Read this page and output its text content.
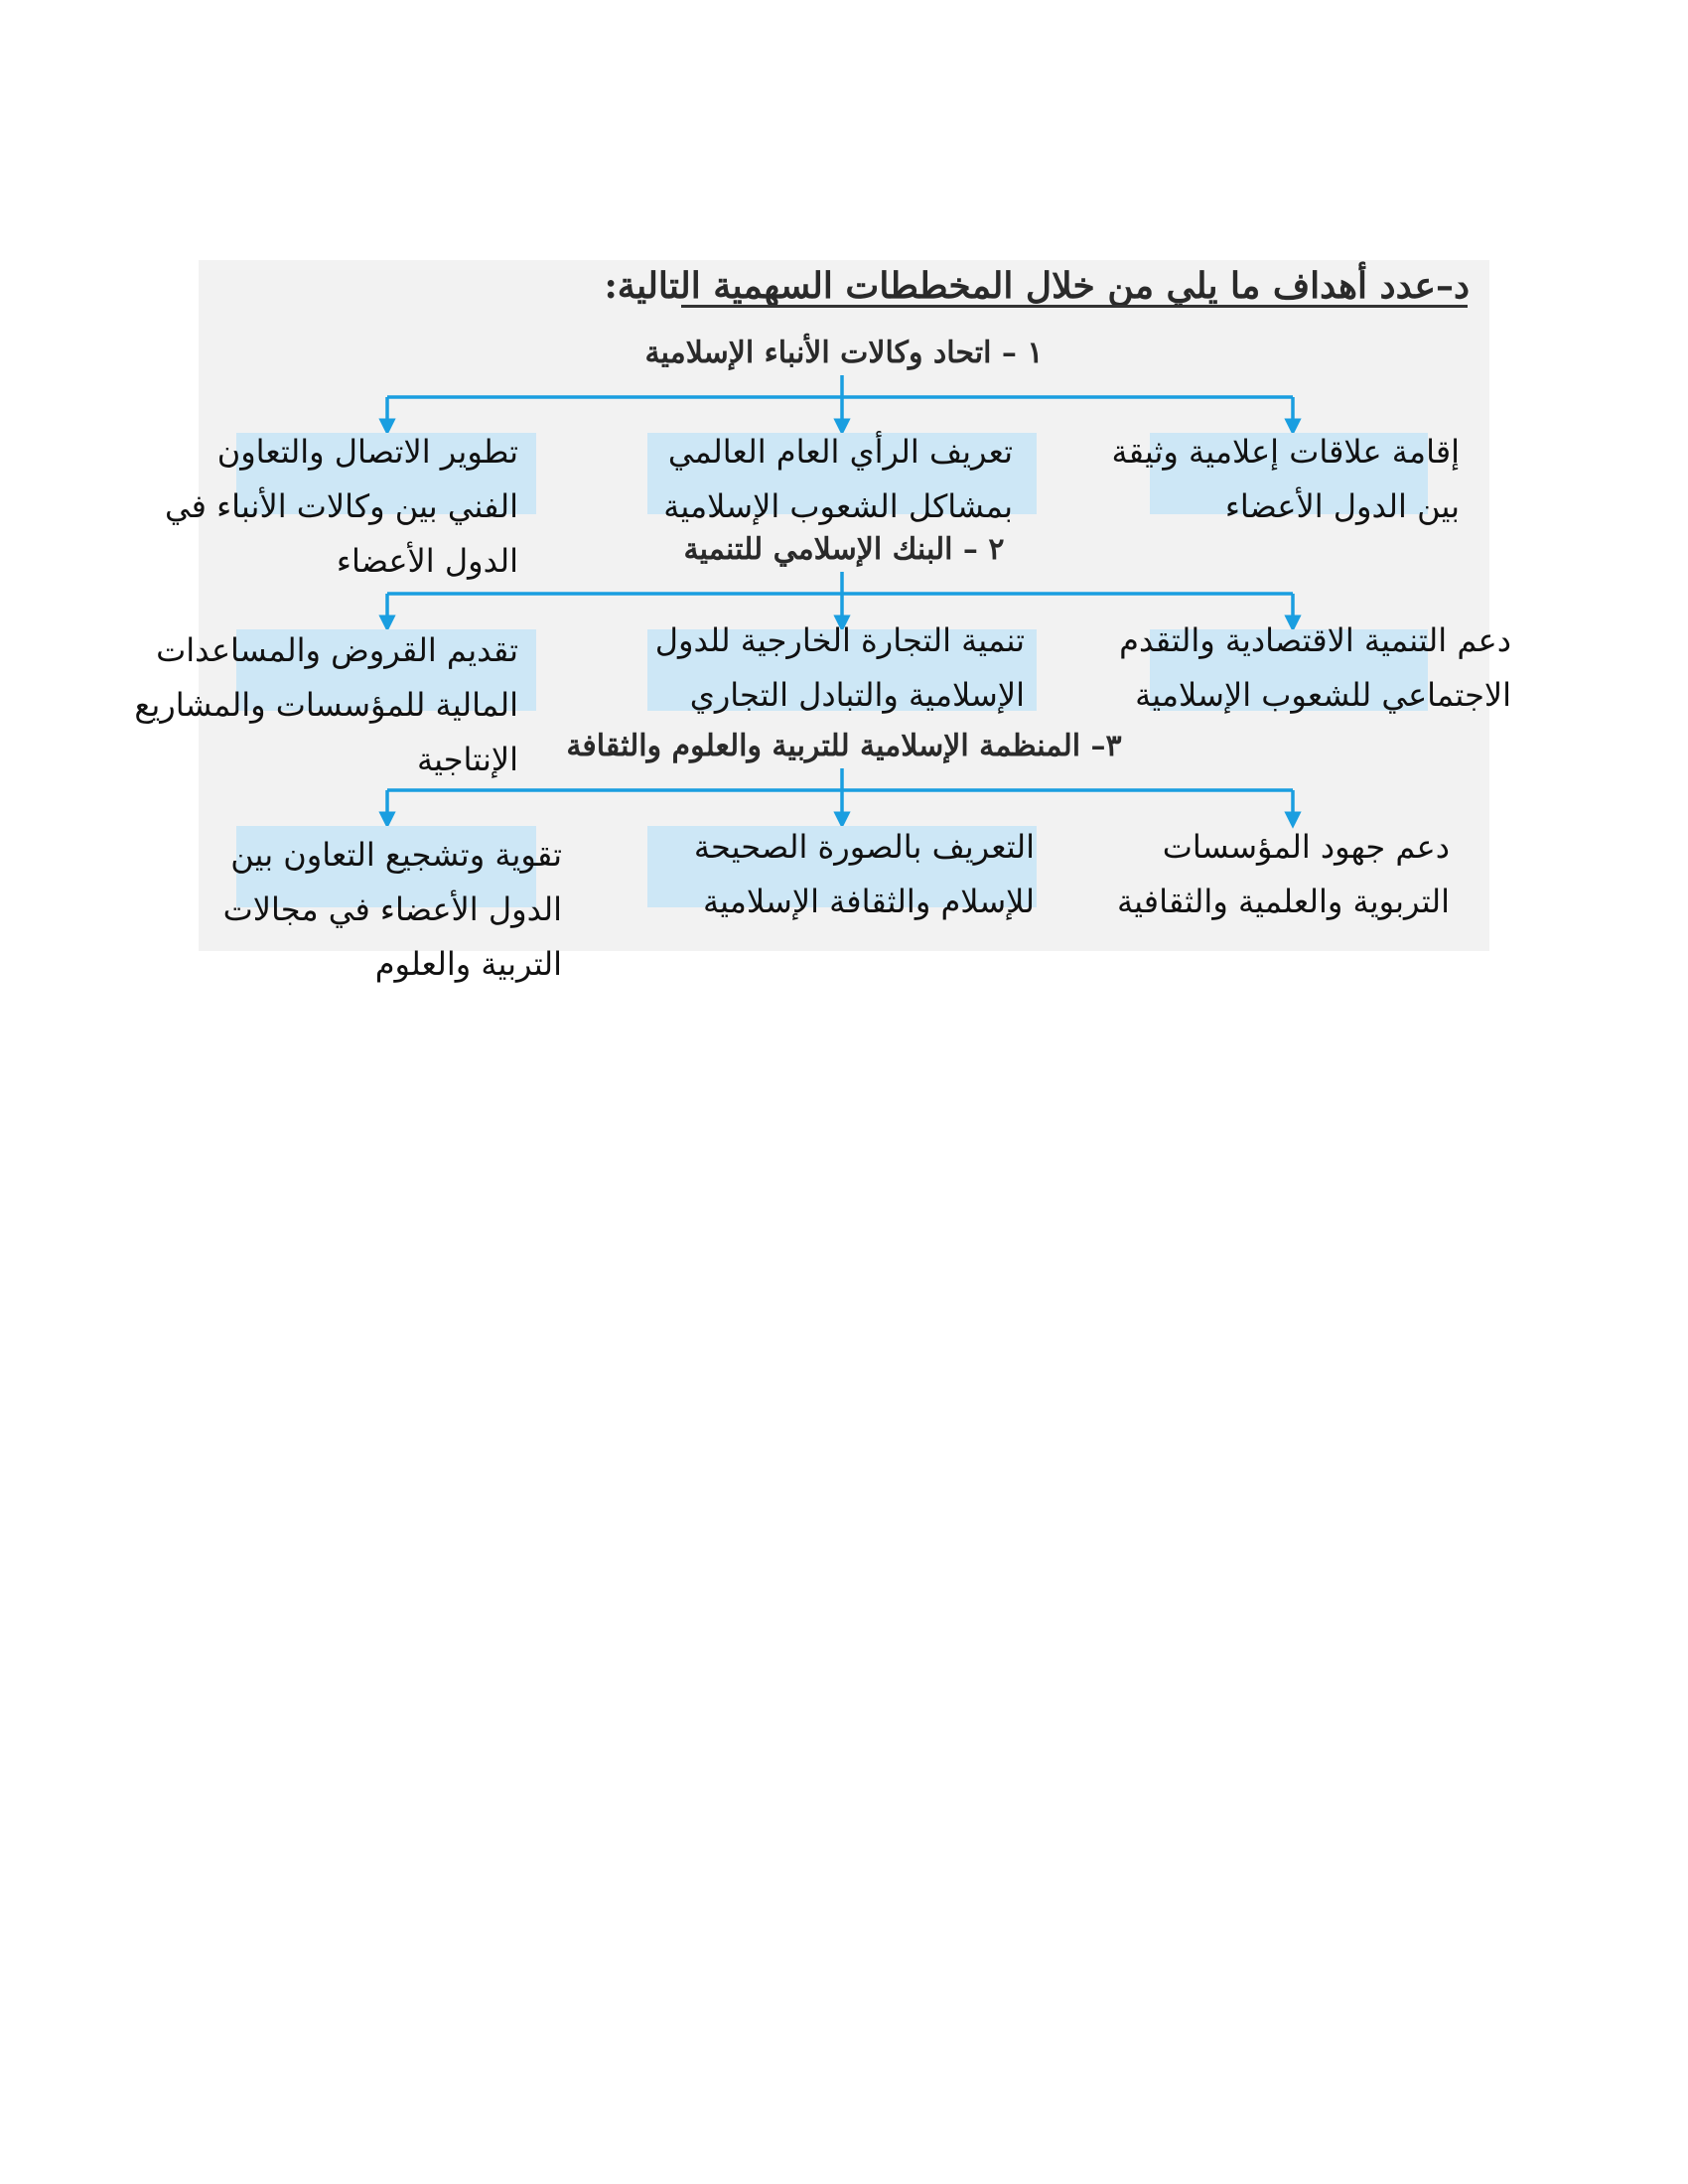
د–عدد أهداف ما يلي من خلال المخططات السهمية التالية:
١ – اتحاد وكالات الأنباء الإسلامية
٢ – البنك الإسلامي للتنمية
٣– المنظمة الإسلامية للتربية والعلوم والثقافة
إقامة علاقات إعلامية وثيقة
بين الدول الأعضاء
تعريف الرأي العام العالمي
بمشاكل الشعوب الإسلامية
تطوير الاتصال والتعاون
الفني بين وكالات الأنباء في
الدول الأعضاء
دعم التنمية الاقتصادية والتقدم
الاجتماعي للشعوب الإسلامية
تنمية التجارة الخارجية للدول
الإسلامية والتبادل التجاري
تقديم القروض والمساعدات
المالية للمؤسسات والمشاريع
الإنتاجية
دعم جهود المؤسسات
التربوية والعلمية والثقافية
التعريف بالصورة الصحيحة
للإسلام والثقافة الإسلامية
تقوية وتشجيع التعاون بين
الدول الأعضاء في مجالات
التربية والعلوم
